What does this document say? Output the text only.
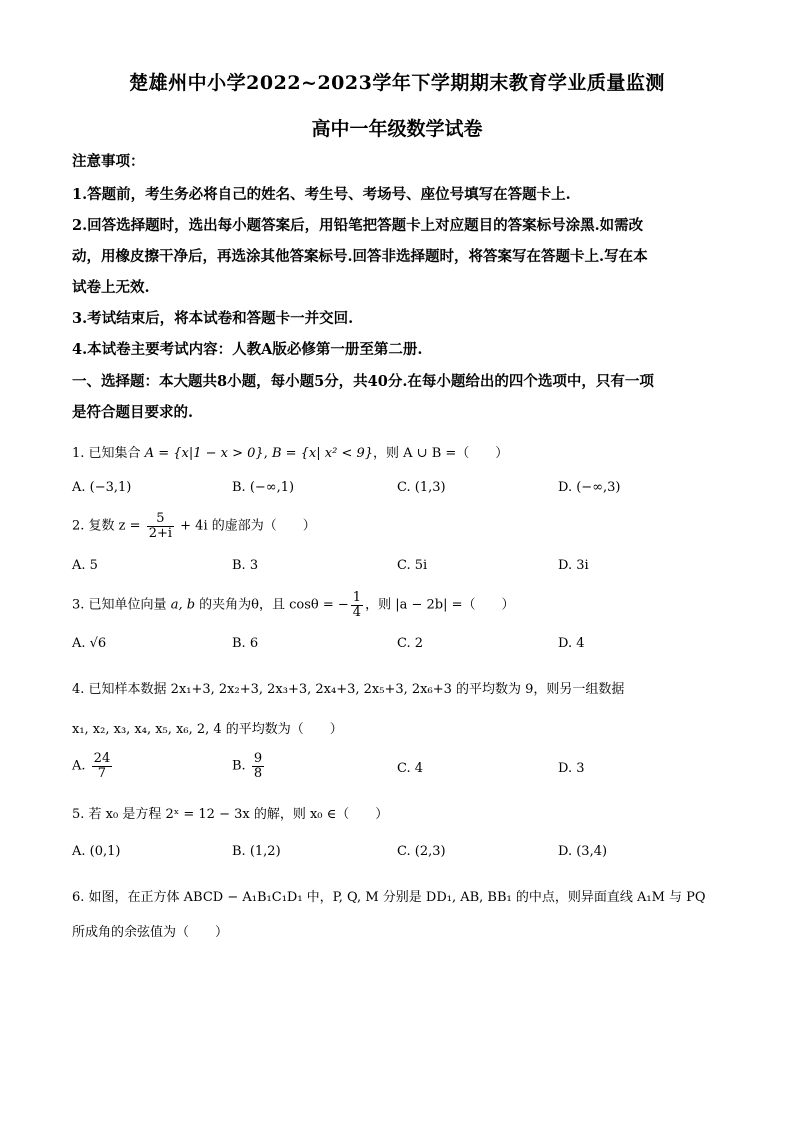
楚雄州中小学2022~2023学年下学期期末教育学业质量监测
高中一年级数学试卷
注意事项：
1.答题前，考生务必将自己的姓名、考生号、考场号、座位号填写在答题卡上.
2.回答选择题时，选出每小题答案后，用铅笔把答题卡上对应题目的答案标号涂黑.如需改
动，用橡皮擦干净后，再选涂其他答案标号.回答非选择题时，将答案写在答题卡上.写在本
试卷上无效.
3.考试结束后，将本试卷和答题卡一并交回.
4.本试卷主要考试内容：人教A版必修第一册至第二册.
一、选择题：本大题共8小题，每小题5分，共40分.在每小题给出的四个选项中，只有一项
是符合题目要求的.
1. 已知集合 A = {x|1 − x > 0}, B = {x| x² < 9}，则 A ∪ B =（　　）
A. (−3,1)	B. (−∞,1)	C. (1,3)	D. (−∞,3)
2. 复数 $z = \frac{5}{2+i} + 4i$ 的虚部为（　　）
A. 5	B. 3	C. 5i	D. 3i
3. 已知单位向量 a, b 的夹角为θ，且 cosθ = − $\frac{1}{4}$ ，则 |a − 2b| =（　　）
A. √6	B. 6	C. 2	D. 4
4. 已知样本数据 2x₁+3, 2x₂+3, 2x₃+3, 2x₄+3, 2x₅+3, 2x₆+3 的平均数为 9，则另一组数据
x₁, x₂, x₃, x₄, x₅, x₆, 2, 4 的平均数为（　　）
A. $\frac{24}{7}$	B. $\frac{9}{8}$	C. 4	D. 3
5. 若 x₀ 是方程 2ˣ = 12 − 3x 的解，则 x₀ ∈（　　）
A. (0,1)	B. (1,2)	C. (2,3)	D. (3,4)
6. 如图，在正方体 ABCD − A₁B₁C₁D₁ 中，P, Q, M 分别是 DD₁, AB, BB₁ 的中点，则异面直线 A₁M 与 PQ
所成角的余弦值为（　　）
